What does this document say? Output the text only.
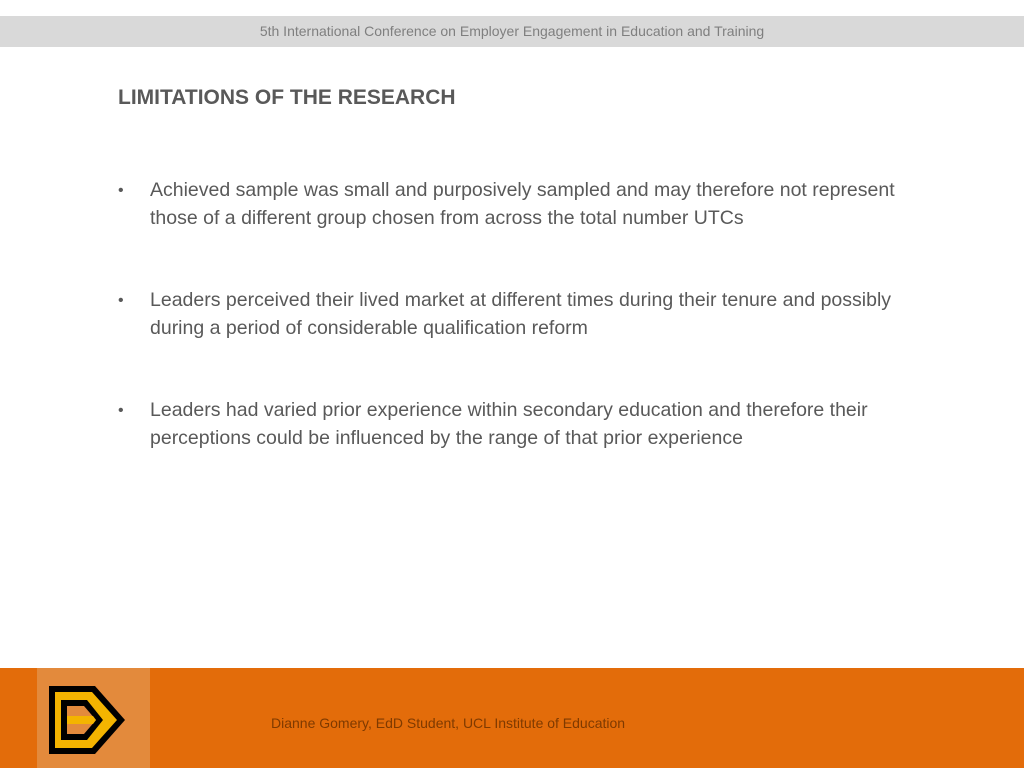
5th International Conference on Employer Engagement in Education and Training
LIMITATIONS OF THE RESEARCH
•	Achieved sample was small and purposively sampled and may therefore not represent those of a different group chosen from across the total number UTCs
•	Leaders perceived their lived market at different times during their tenure and possibly during a period of considerable qualification reform
•	Leaders had varied prior experience within secondary education and therefore their perceptions could be influenced by the range of that prior experience
Dianne Gomery, EdD Student, UCL Institute of Education
